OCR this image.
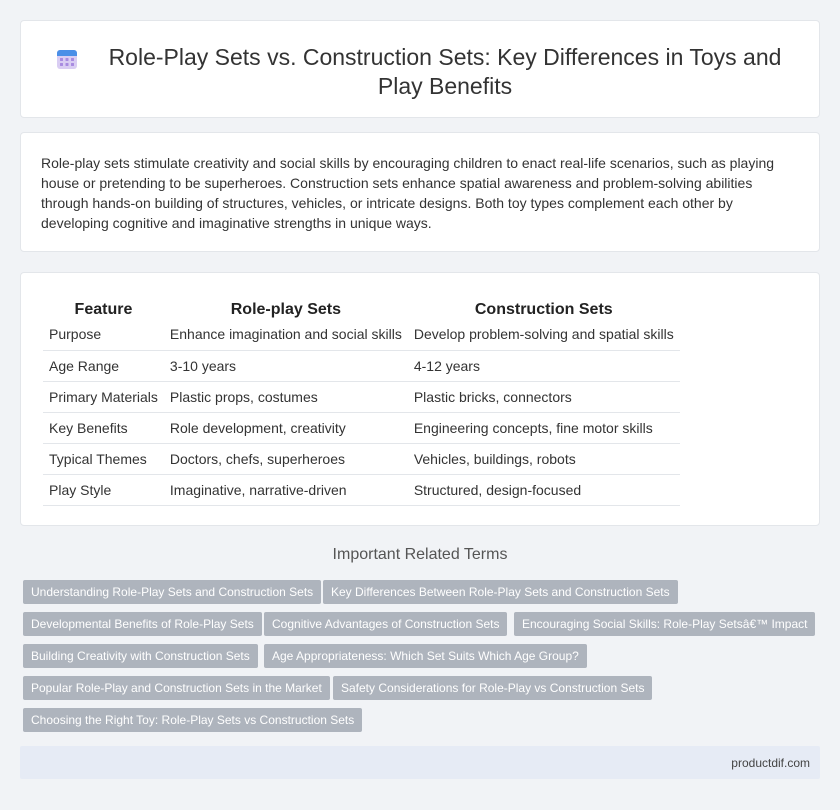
Role-Play Sets vs. Construction Sets: Key Differences in Toys and Play Benefits

Role-play sets stimulate creativity and social skills by encouraging children to enact real-life scenarios, such as playing house or pretending to be superheroes. Construction sets enhance spatial awareness and problem-solving abilities through hands-on building of structures, vehicles, or intricate designs. Both toy types complement each other by developing cognitive and imaginative strengths in unique ways.

Feature	Role-play Sets	Construction Sets
Purpose	Enhance imagination and social skills	Develop problem-solving and spatial skills
Age Range	3-10 years	4-12 years
Primary Materials	Plastic props, costumes	Plastic bricks, connectors
Key Benefits	Role development, creativity	Engineering concepts, fine motor skills
Typical Themes	Doctors, chefs, superheroes	Vehicles, buildings, robots
Play Style	Imaginative, narrative-driven	Structured, design-focused
Important Related Terms
Understanding Role-Play Sets and Construction Sets	Key Differences Between Role-Play Sets and Construction Sets
Developmental Benefits of Role-Play Sets	Cognitive Advantages of Construction Sets	Encouraging Social Skills: Role-Play Setsâ€™ Impact
Building Creativity with Construction Sets	Age Appropriateness: Which Set Suits Which Age Group?
Popular Role-Play and Construction Sets in the Market	Safety Considerations for Role-Play vs Construction Sets
Choosing the Right Toy: Role-Play Sets vs Construction Sets
productdif.com
